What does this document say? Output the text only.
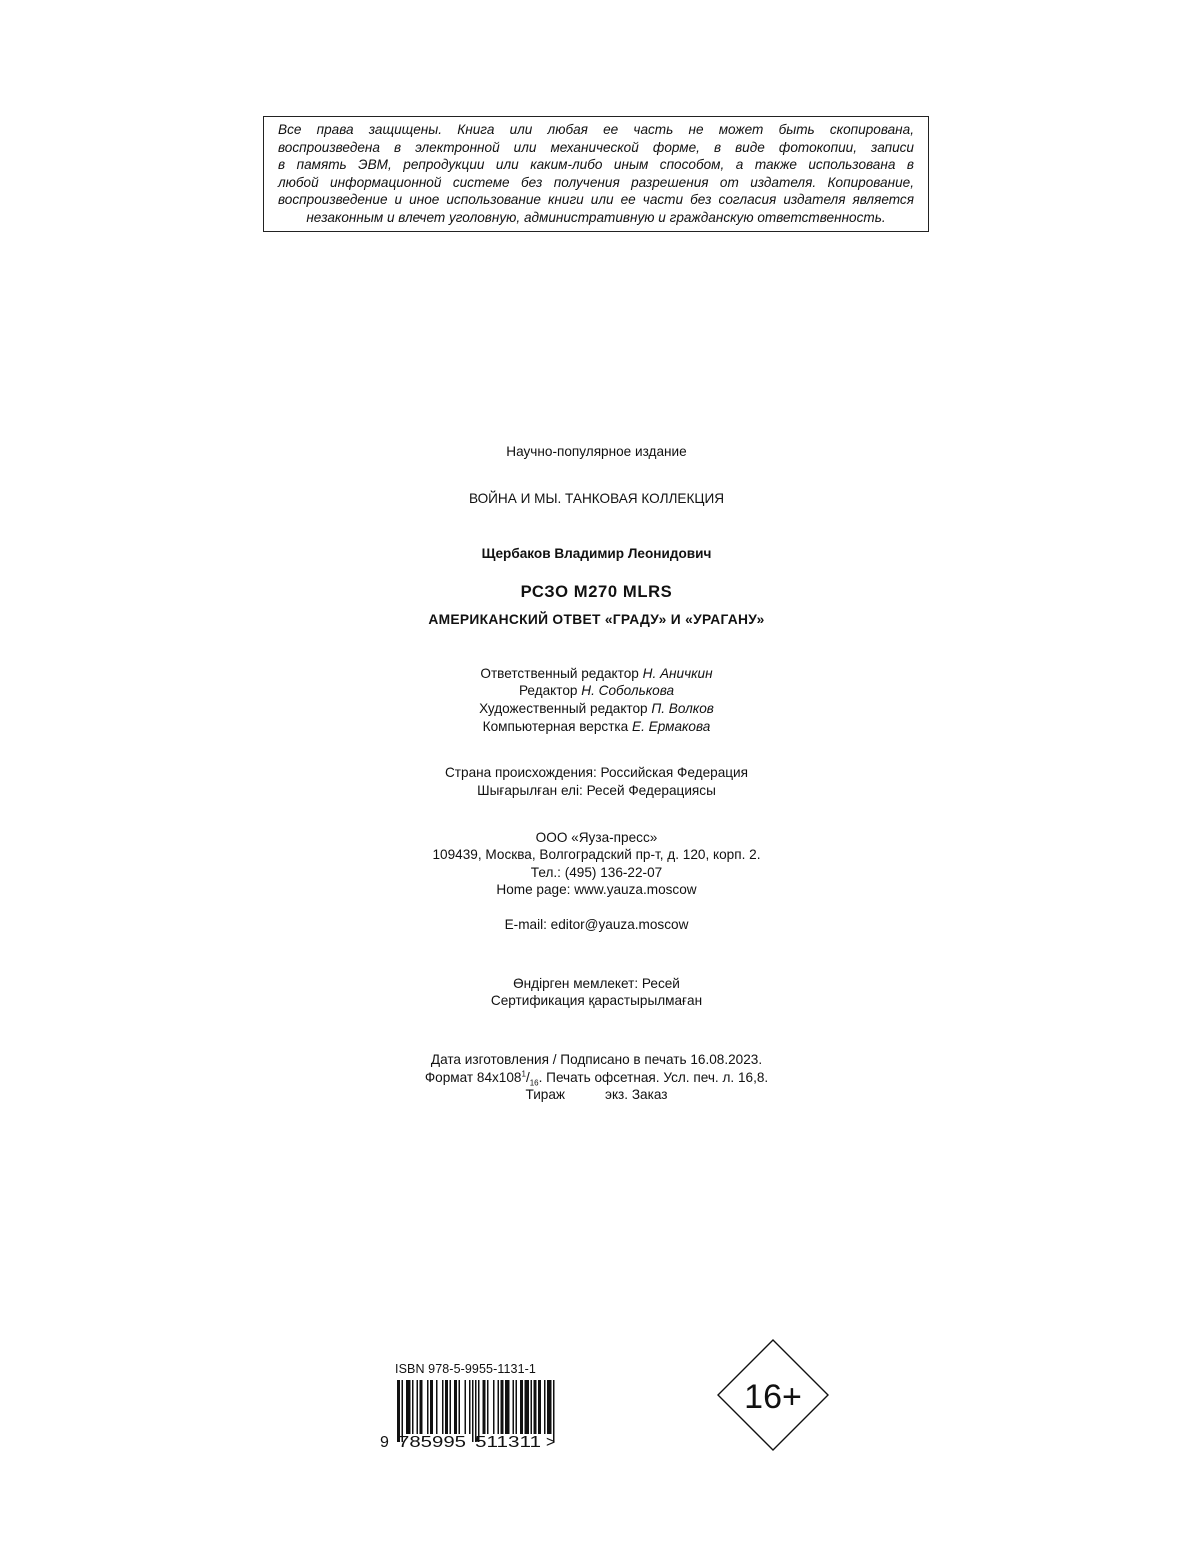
Все права защищены. Книга или любая ее часть не может быть скопирована,
воспроизведена в электронной или механической форме, в виде фотокопии, записи
в память ЭВМ, репродукции или каким-либо иным способом, а также использована в
любой информационной системе без получения разрешения от издателя. Копирование,
воспроизведение и иное использование книги или ее части без согласия издателя является
незаконным и влечет уголовную, административную и гражданскую ответственность.
Научно-популярное издание
ВОЙНА И МЫ. ТАНКОВАЯ КОЛЛЕКЦИЯ
Щербаков Владимир Леонидович
РСЗО М270 MLRS
АМЕРИКАНСКИЙ ОТВЕТ «ГРАДУ» И «УРАГАНУ»
Ответственный редактор Н. Аничкин
Редактор Н. Соболькова
Художественный редактор П. Волков
Компьютерная верстка Е. Ермакова
Страна происхождения: Российская Федерация
Шығарылған елі: Ресей Федерациясы
ООО «Яуза-пресс»
109439, Москва, Волгоградский пр-т, д. 120, корп. 2.
Тел.: (495) 136-22-07
Home page: www.yauza.moscow
E-mail: editor@yauza.moscow
Өндірген мемлекет: Ресей
Сертификация қарастырылмаған
Дата изготовления / Подписано в печать 16.08.2023.
Формат $84х108^1/_{16}$. Печать офсетная. Усл. печ. л. 16,8.
Тираж	экз. Заказ
ISBN 978-5-9955-1131-1
9 785995 511311 >
16+
